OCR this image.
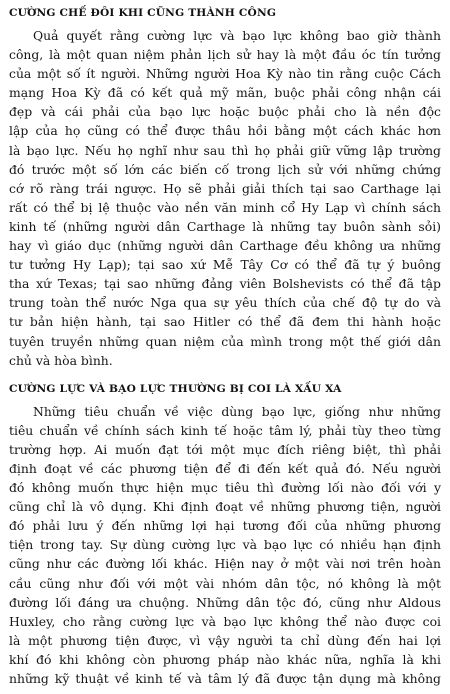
CƯỜNG CHẾ ĐÔI KHI CŨNG THÀNH CÔNG
Quả quyết rằng cường lực và bạo lực không bao giờ thành
công, là một quan niệm phản lịch sử hay là một đầu óc tín tưởng
của một số ít người. Những người Hoa Kỳ nào tin rằng cuộc Cách
mạng Hoa Kỳ đã có kết quả mỹ mãn, buộc phải công nhận cái
đẹp và cái phải của bạo lực hoặc buộc phải cho là nền độc
lập của họ cũng có thể được thâu hồi bằng một cách khác hơn
là bạo lực. Nếu họ nghĩ như sau thì họ phải giữ vững lập trường
đó trước một số lớn các biến cố trong lịch sử với những chứng
cớ rõ ràng trái ngược. Họ sẽ phải giải thích tại sao Carthage lại
rất có thể bị lệ thuộc vào nền văn minh cổ Hy Lạp vì chính sách
kinh tế (những người dân Carthage là những tay buôn sành sỏi)
hay vì giáo dục (những người dân Carthage đều không ưa những
tư tưởng Hy Lạp); tại sao xứ Mễ Tây Cơ có thể đã tự ý buông
tha xứ Texas; tại sao những đảng viên Bolshevists có thể đã tập
trung toàn thể nước Nga qua sự yêu thích của chế độ tự do và
tư bản hiện hành, tại sao Hitler có thể đã đem thi hành hoặc
tuyên truyền những quan niệm của mình trong một thế giới dân
chủ và hòa bình.
CƯỜNG LỰC VÀ BẠO LỰC THƯỜNG BỊ COI LÀ XẤU XA
Những tiêu chuẩn về việc dùng bạo lực, giống như những
tiêu chuẩn về chính sách kinh tế hoặc tâm lý, phải tùy theo từng
trường hợp. Ai muốn đạt tới một mục đích riêng biệt, thì phải
định đoạt về các phương tiện để đi đến kết quả đó. Nếu người
đó không muốn thực hiện mục tiêu thì đường lối nào đối với y
cũng chỉ là vô dụng. Khi định đoạt về những phương tiện, người
đó phải lưu ý đến những lợi hại tương đối của những phương
tiện trong tay. Sự dùng cường lực và bạo lực có nhiều hạn định
cũng như các đường lối khác. Hiện nay ở một vài nơi trên hoàn
cầu cũng như đối với một vài nhóm dân tộc, nó không là một
đường lối đáng ưa chuộng. Những dân tộc đó, cũng như Aldous
Huxley, cho rằng cường lực và bạo lực không thể nào được coi
là một phương tiện được, vì vậy người ta chỉ dùng đến hai lợi
khí đó khi không còn phương pháp nào khác nữa, nghĩa là khi
những kỹ thuật về kinh tế và tâm lý đã được tận dụng mà không
